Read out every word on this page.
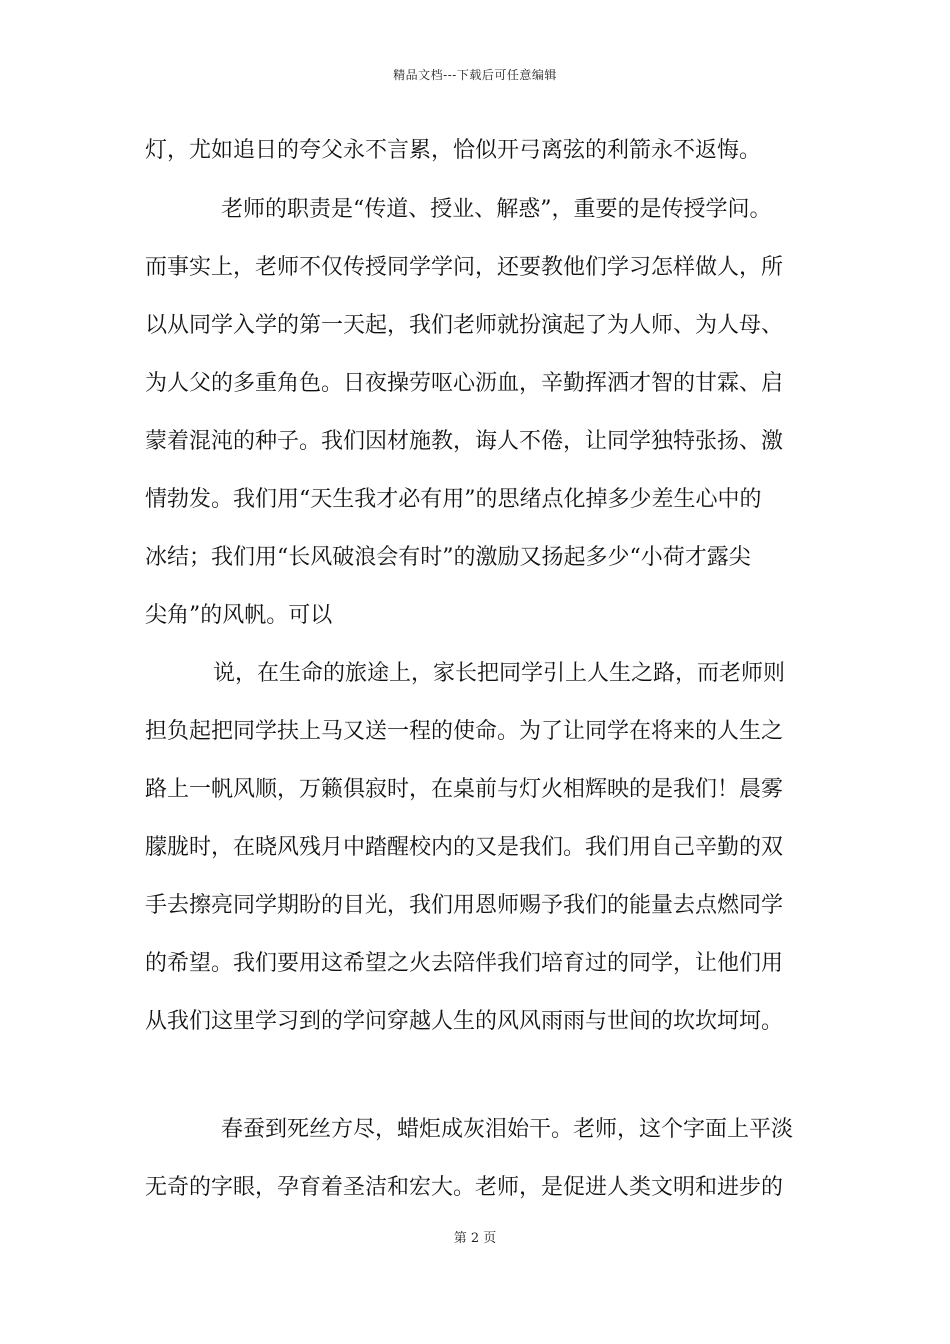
精品文档---下载后可任意编辑
灯，尤如追日的夸父永不言累，恰似开弓离弦的利箭永不返悔。
老师的职责是“传道、授业、解惑”，重要的是传授学问。
而事实上，老师不仅传授同学学问，还要教他们学习怎样做人，所
以从同学入学的第一天起，我们老师就扮演起了为人师、为人母、
为人父的多重角色。日夜操劳呕心沥血，辛勤挥洒才智的甘霖、启
蒙着混沌的种子。我们因材施教，诲人不倦，让同学独特张扬、激
情勃发。我们用“天生我才必有用”的思绪点化掉多少差生心中的
冰结；我们用“长风破浪会有时”的激励又扬起多少“小荷才露尖
尖角”的风帆。可以
说，在生命的旅途上，家长把同学引上人生之路，而老师则
担负起把同学扶上马又送一程的使命。为了让同学在将来的人生之
路上一帆风顺，万籁俱寂时，在桌前与灯火相辉映的是我们！晨雾
朦胧时，在晓风残月中踏醒校内的又是我们。我们用自己辛勤的双
手去擦亮同学期盼的目光，我们用恩师赐予我们的能量去点燃同学
的希望。我们要用这希望之火去陪伴我们培育过的同学，让他们用
从我们这里学习到的学问穿越人生的风风雨雨与世间的坎坎坷坷。
春蚕到死丝方尽，蜡炬成灰泪始干。老师，这个字面上平淡
无奇的字眼，孕育着圣洁和宏大。老师，是促进人类文明和进步的
第 2 页
